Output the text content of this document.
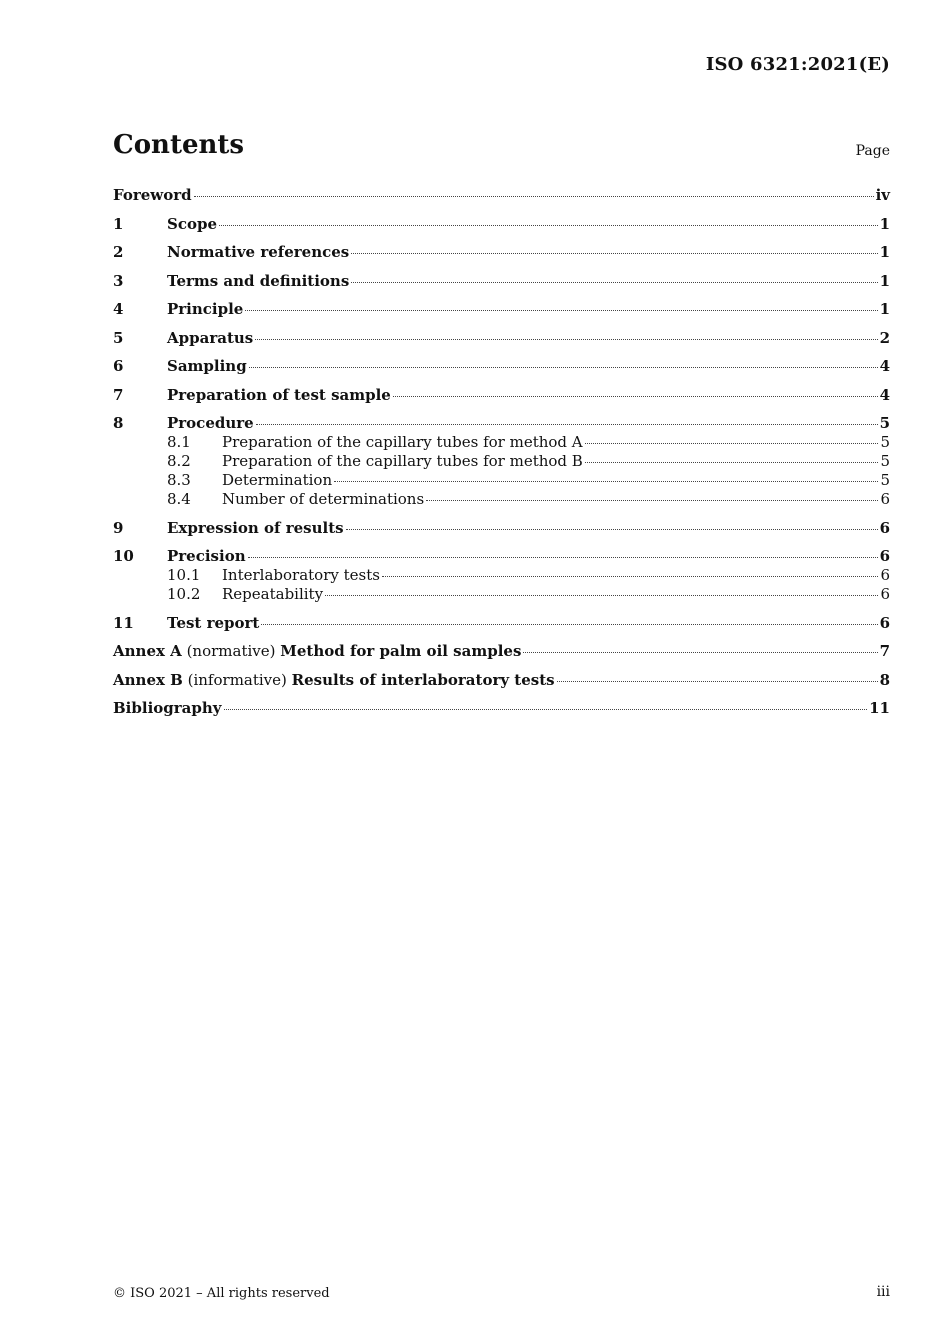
ISO 6321:2021(E)
Contents	Page
Foreword	iv
1	Scope	1
2	Normative references	1
3	Terms and definitions	1
4	Principle	1
5	Apparatus	2
6	Sampling	4
7	Preparation of test sample	4
8	Procedure	5
8.1	Preparation of the capillary tubes for method A	5
8.2	Preparation of the capillary tubes for method B	5
8.3	Determination	5
8.4	Number of determinations	6
9	Expression of results	6
10	Precision	6
10.1	Interlaboratory tests	6
10.2	Repeatability	6
11	Test report	6
Annex A (normative) Method for palm oil samples	7
Annex B (informative) Results of interlaboratory tests	8
Bibliography	11
© ISO 2021 – All rights reserved	iii
